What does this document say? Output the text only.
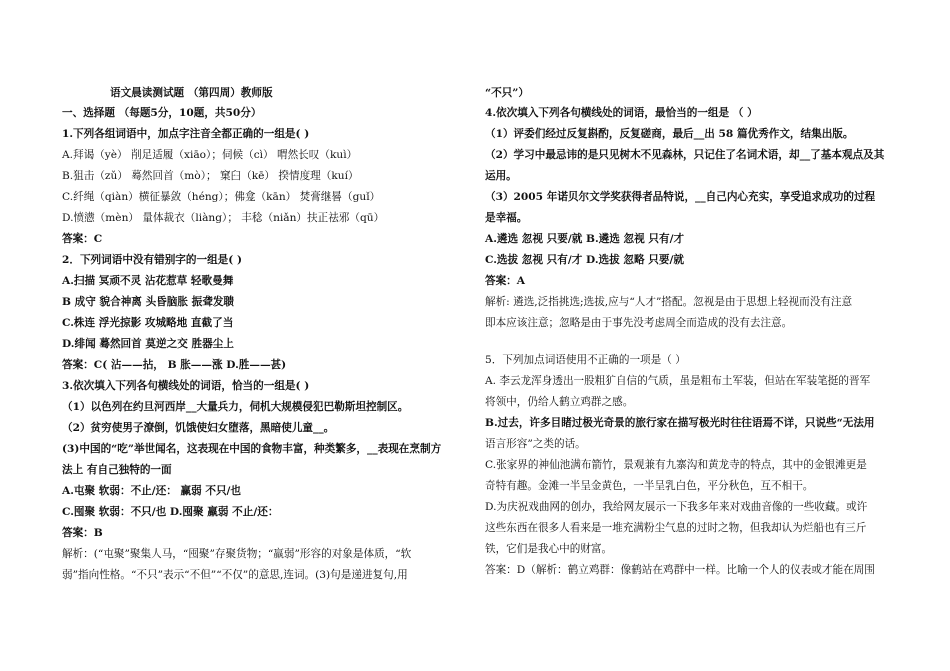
语文晨读测试题 （第四周）教师版
一、选择题 （每题5分，10题，共50分）
1.下列各组词语中，加点字注音全都正确的一组是( )
A.拜谒（yè） 削足适履（xiāo）；伺候（cì） 喟然长叹（kuì）
B.狙击（zǔ） 蓦然回首（mò）； 窠臼（kē） 揆情度理（kuí）
C.纤绳（qiàn）横征暴敛（héng）；佛龛（kān） 焚膏继晷（guǐ）
D.愤懑（mèn） 量体裁衣（liàng）； 丰稔（niǎn）扶正祛邪（qū）
答案：C
2．下列词语中没有错别字的一组是( )
A.扫描 冥顽不灵 沾花惹草 轻歌曼舞
B 成守 貌合神离 头昏脑胀 振聋发聩
C.株连 浮光掠影 攻城略地 直截了当
D.绯闻 蓦然回首 莫逆之交 胜器尘上
答案：C( 沾——拈， B 胀——涨 D.胜——甚)
3.依次填入下列各句横线处的词语，恰当的一组是( )
（1）以色列在约旦河西岸__大量兵力，伺机大规模侵犯巴勒斯坦控制区。
（2）贫穷使男子潦倒，饥饿使妇女堕落，黑暗使儿童__。
(3)中国的“吃”举世闻名，这表现在中国的食物丰富，种类繁多，__表现在烹制方
法上 有自己独特的一面
A.屯聚 软弱：不止/还： 赢弱 不只/也
C.囤聚 软弱：不只/也 D.囤聚 羸弱 不止/还：
答案：B
解析：(“屯聚”聚集人马，“囤聚”存聚货物；“羸弱”形容的对象是体质，“软
弱”指向性格。“不只”表示“不但”“不仅”的意思,连词。(3)句是递进复句,用
“不只”）
4.依次填入下列各句横线处的词语，最恰当的一组是 （ ）
（1）评委们经过反复斟酌，反复磋商，最后__出 58 篇优秀作文，结集出版。
（2）学习中最忌讳的是只见树木不见森林，只记住了名词术语，却__了基本观点及其
运用。
（3）2005 年诺贝尔文学奖获得者品特说，__自己内心充实，享受追求成功的过程
是幸福。
A.遴选 忽视 只要/就 B.遴选 忽视 只有/才
C.选拔 忽视 只有/才 D.选拔 忽略 只要/就
答案：A
解析: 遴选,泛指挑选;选拔,应与“人才”搭配。忽视是由于思想上轻视而没有注意
即本应该注意；忽略是由于事先没考虑周全而造成的没有去注意。
5．下列加点词语使用不正确的一项是（ ）
A. 李云龙浑身透出一股粗犷自信的气质，虽是粗布土军装，但站在军装笔挺的晋军
将领中，仍给人鹤立鸡群之感。
B.过去，许多目睹过极光奇景的旅行家在描写极光时往往语焉不详，只说些“无法用
语言形容”之类的话。
C.张家界的神仙池满布箭竹，景观兼有九寨沟和黄龙寺的特点，其中的金银滩更是
奇特有趣。金滩一半呈金黄色，一半呈乳白色，平分秋色，互不相干。
D.为庆祝戏曲网的创办，我给网友展示一下我多年来对戏曲音像的一些收藏。或许
这些东西在很多人看来是一堆充满粉尘气息的过时之物，但我却认为烂船也有三斤
铁，它们是我心中的财富。
答案：D（解析：鹤立鸡群：像鹤站在鸡群中一样。比喻一个人的仪表或才能在周围
